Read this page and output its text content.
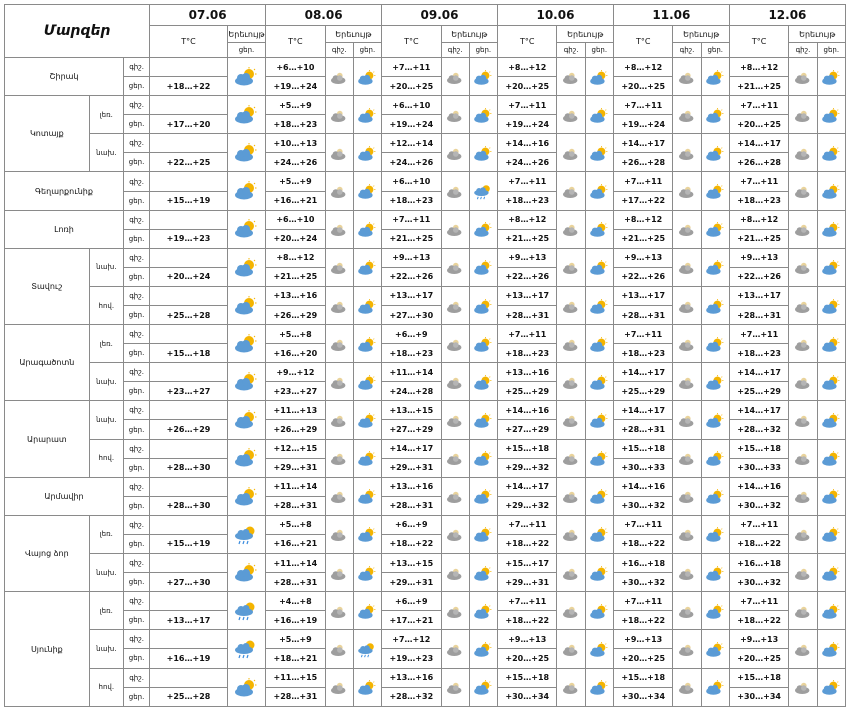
Մարզեր			07.06		08.06			09.06			10.06			11.06			12.06		
			T°C	Երեւույթ	T°C	Երեւույթ		T°C	Երեւույթ		T°C	Երեւույթ		T°C	Երեւույթ		T°C	Երեւույթ	
				ցեր.		գիշ.	ցեր.		գիշ.	ցեր.		գիշ.	ցեր.		գիշ.	ցեր.		գիշ.	ցեր.
Շիրակ		գիշ.			+6…+10			+7…+11			+8…+12			+8…+12			+8…+12		
		ցեր.	+18…+22		+19…+24			+20…+25			+20…+25			+20…+25			+21…+25		
Կոտայք	լեռ.	գիշ.			+5…+9			+6…+10			+7…+11			+7…+11			+7…+11		
		ցեր.	+17…+20		+18…+23			+19…+24			+19…+24			+19…+24			+20…+25		
	նախ.	գիշ.			+10…+13			+12…+14			+14…+16			+14…+17			+14…+17		
		ցեր.	+22…+25		+24…+26			+24…+26			+24…+26			+26…+28			+26…+28		
Գեղարքունիք		գիշ.			+5…+9			+6…+10			+7…+11			+7…+11			+7…+11		
		ցեր.	+15…+19		+16…+21			+18…+23			+18…+23			+17…+22			+18…+23		
Լոռի		գիշ.			+6…+10			+7…+11			+8…+12			+8…+12			+8…+12		
		ցեր.	+19…+23		+20…+24			+21…+25			+21…+25			+21…+25			+21…+25		
Տավուշ	նախ.	գիշ.			+8…+12			+9…+13			+9…+13			+9…+13			+9…+13		
		ցեր.	+20…+24		+21…+25			+22…+26			+22…+26			+22…+26			+22…+26		
	հով.	գիշ.			+13…+16			+13…+17			+13…+17			+13…+17			+13…+17		
		ցեր.	+25…+28		+26…+29			+27…+30			+28…+31			+28…+31			+28…+31		
Արագածոտն	լեռ.	գիշ.			+5…+8			+6…+9			+7…+11			+7…+11			+7…+11		
		ցեր.	+15…+18		+16…+20			+18…+23			+18…+23			+18…+23			+18…+23		
	նախ.	գիշ.			+9…+12			+11…+14			+13…+16			+14…+17			+14…+17		
		ցեր.	+23…+27		+23…+27			+24…+28			+25…+29			+25…+29			+25…+29		
Արարատ	նախ.	գիշ.			+11…+13			+13…+15			+14…+16			+14…+17			+14…+17		
		ցեր.	+26…+29		+26…+29			+27…+29			+27…+29			+28…+31			+28…+32		
	հով.	գիշ.			+12…+15			+14…+17			+15…+18			+15…+18			+15…+18		
		ցեր.	+28…+30		+29…+31			+29…+31			+29…+32			+30…+33			+30…+33		
Արմավիր		գիշ.			+11…+14			+13…+16			+14…+17			+14…+16			+14…+16		
		ցեր.	+28…+30		+28…+31			+28…+31			+29…+32			+30…+32			+30…+32		
Վայոց ձոր	լեռ.	գիշ.			+5…+8			+6…+9			+7…+11			+7…+11			+7…+11		
		ցեր.	+15…+19		+16…+21			+18…+22			+18…+22			+18…+22			+18…+22		
	նախ.	գիշ.			+11…+14			+13…+15			+15…+17			+16…+18			+16…+18		
		ցեր.	+27…+30		+28…+31			+29…+31			+29…+31			+30…+32			+30…+32		
Սյունիք	լեռ.	գիշ.			+4…+8			+6…+9			+7…+11			+7…+11			+7…+11		
		ցեր.	+13…+17		+16…+19			+17…+21			+18…+22			+18…+22			+18…+22		
	նախ.	գիշ.			+5…+9			+7…+12			+9…+13			+9…+13			+9…+13		
		ցեր.	+16…+19		+18…+21			+19…+23			+20…+25			+20…+25			+20…+25		
	հով.	գիշ.			+11…+15			+13…+16			+15…+18			+15…+18			+15…+18		
		ցեր.	+25…+28		+28…+31			+28…+32			+30…+34			+30…+34			+30…+34		
